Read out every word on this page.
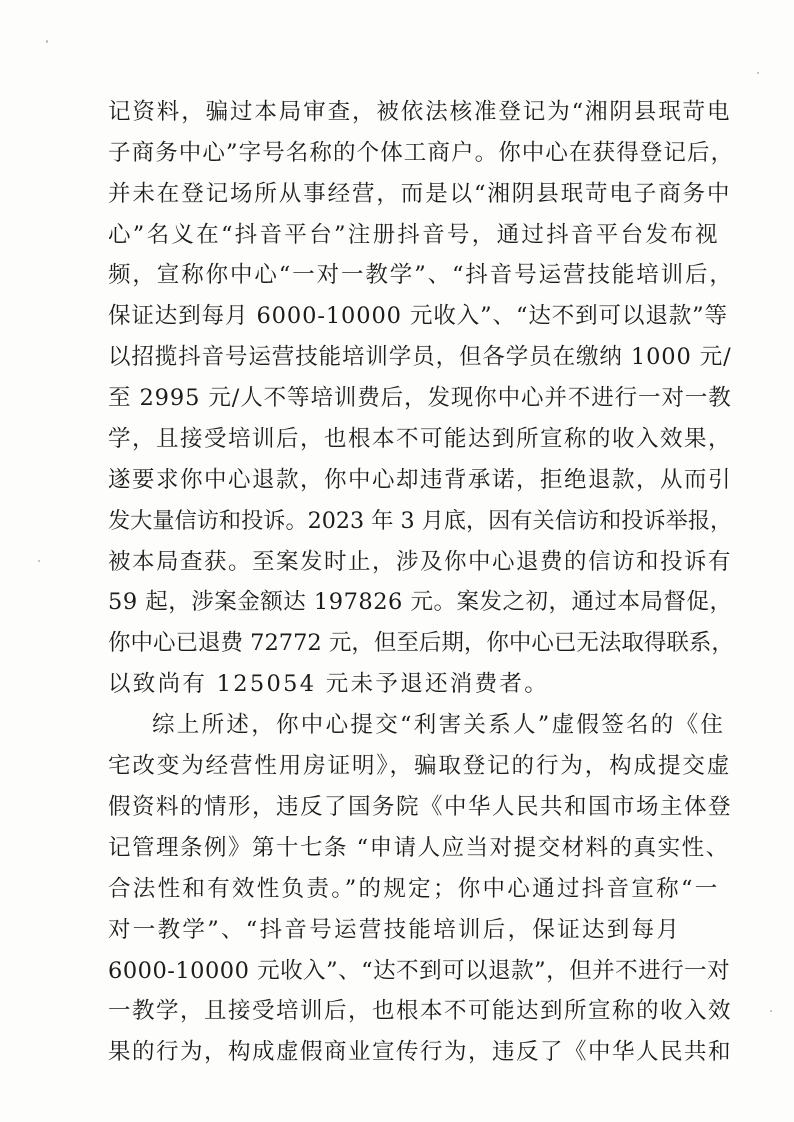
记资料，骗过本局审查，被依法核准登记为“湘阴县珉苛电
子商务中心”字号名称的个体工商户。你中心在获得登记后，
并未在登记场所从事经营，而是以“湘阴县珉苛电子商务中
心”名义在“抖音平台”注册抖音号，通过抖音平台发布视
频，宣称你中心“一对一教学”、“抖音号运营技能培训后，
保证达到每月 6000-10000 元收入”、“达不到可以退款”等
以招揽抖音号运营技能培训学员，但各学员在缴纳 1000 元/
至 2995 元/人不等培训费后，发现你中心并不进行一对一教
学，且接受培训后，也根本不可能达到所宣称的收入效果，
遂要求你中心退款，你中心却违背承诺，拒绝退款，从而引
发大量信访和投诉。2023 年 3 月底，因有关信访和投诉举报，
被本局查获。至案发时止，涉及你中心退费的信访和投诉有
59 起，涉案金额达 197826 元。案发之初，通过本局督促，
你中心已退费 72772 元，但至后期，你中心已无法取得联系，
以致尚有 125054 元未予退还消费者。
综上所述，你中心提交“利害关系人”虚假签名的《住
宅改变为经营性用房证明》，骗取登记的行为，构成提交虚
假资料的情形，违反了国务院《中华人民共和国市场主体登
记管理条例》第十七条 “申请人应当对提交材料的真实性、
合法性和有效性负责。”的规定；你中心通过抖音宣称“一
对一教学”、“抖音号运营技能培训后，保证达到每月
6000-10000 元收入”、“达不到可以退款”，但并不进行一对
一教学，且接受培训后，也根本不可能达到所宣称的收入效
果的行为，构成虚假商业宣传行为，违反了《中华人民共和
